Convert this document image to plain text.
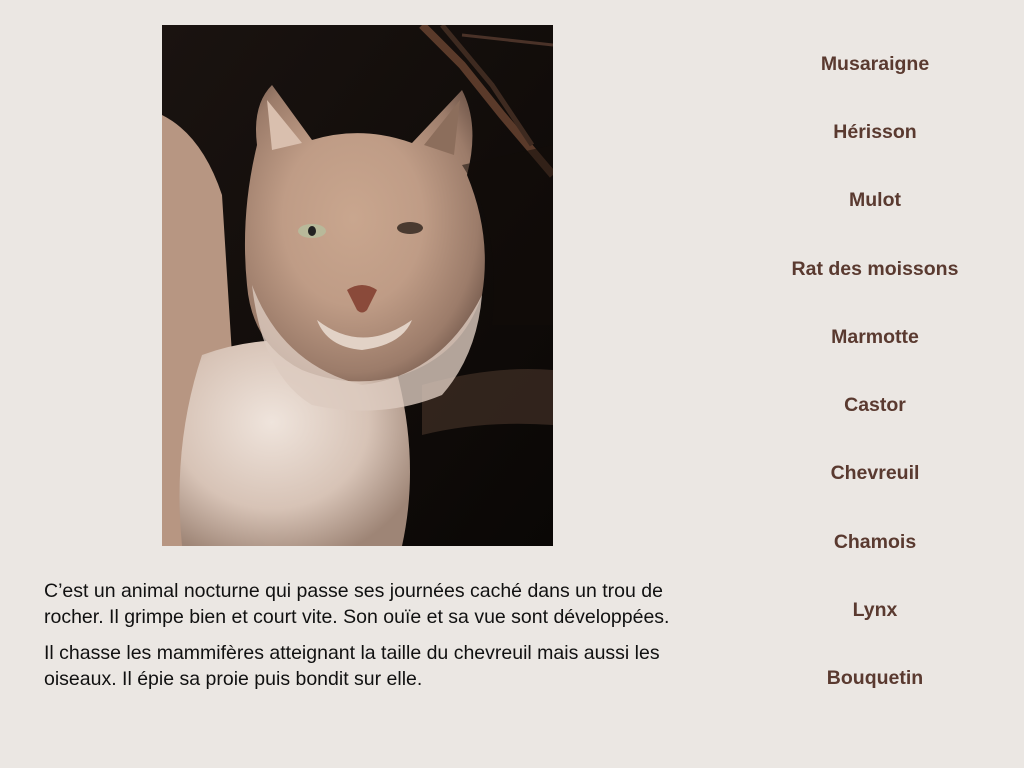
C’est un animal nocturne qui passe ses journées caché dans un trou de rocher. Il grimpe bien et court vite. Son ouïe et sa vue sont développées.

Il chasse les mammifères atteignant la taille du chevreuil mais aussi les oiseaux. Il épie sa proie puis bondit sur elle.

Musaraigne
Hérisson
Mulot
Rat des moissons
Marmotte
Castor
Chevreuil
Chamois
Lynx
Bouquetin
